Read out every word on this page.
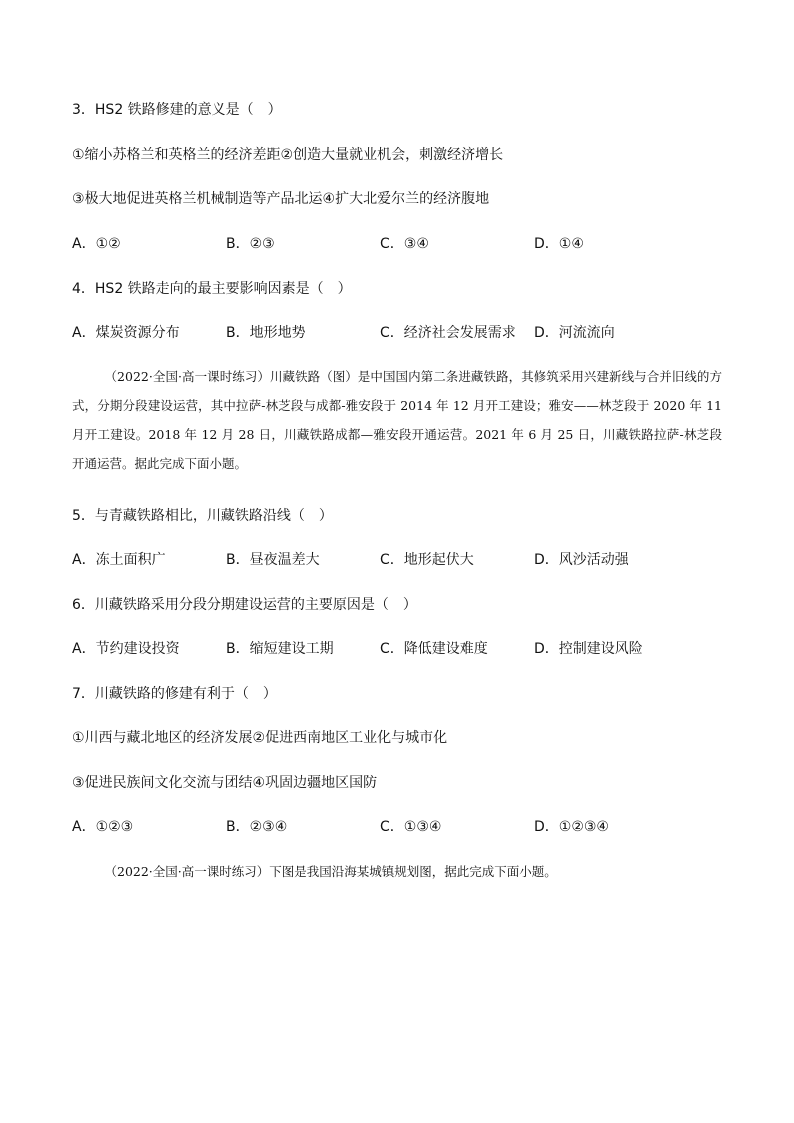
3．HS2 铁路修建的意义是（　）
①缩小苏格兰和英格兰的经济差距②创造大量就业机会，刺激经济增长
③极大地促进英格兰机械制造等产品北运④扩大北爱尔兰的经济腹地
A．①②	B．②③	C．③④	D．①④
4．HS2 铁路走向的最主要影响因素是（　）
A．煤炭资源分布	B．地形地势	C．经济社会发展需求 D．河流流向

（2022·全国·高一课时练习）川藏铁路（图）是中国国内第二条进藏铁路，其修筑采用兴建新线与合并旧线的方式，分期分段建设运营，其中拉萨-林芝段与成都-雅安段于 2014 年 12 月开工建设；雅安——林芝段于 2020 年 11 月开工建设。2018 年 12 月 28 日，川藏铁路成都—雅安段开通运营。2021 年 6 月 25 日，川藏铁路拉萨-林芝段开通运营。据此完成下面小题。

5．与青藏铁路相比，川藏铁路沿线（　）
A．冻土面积广	B．昼夜温差大	C．地形起伏大	D．风沙活动强
6．川藏铁路采用分段分期建设运营的主要原因是（　）
A．节约建设投资	B．缩短建设工期	C．降低建设难度	D．控制建设风险
7．川藏铁路的修建有利于（　）
①川西与藏北地区的经济发展②促进西南地区工业化与城市化
③促进民族间文化交流与团结④巩固边疆地区国防
A．①②③	B．②③④	C．①③④	D．①②③④

（2022·全国·高一课时练习）下图是我国沿海某城镇规划图，据此完成下面小题。
